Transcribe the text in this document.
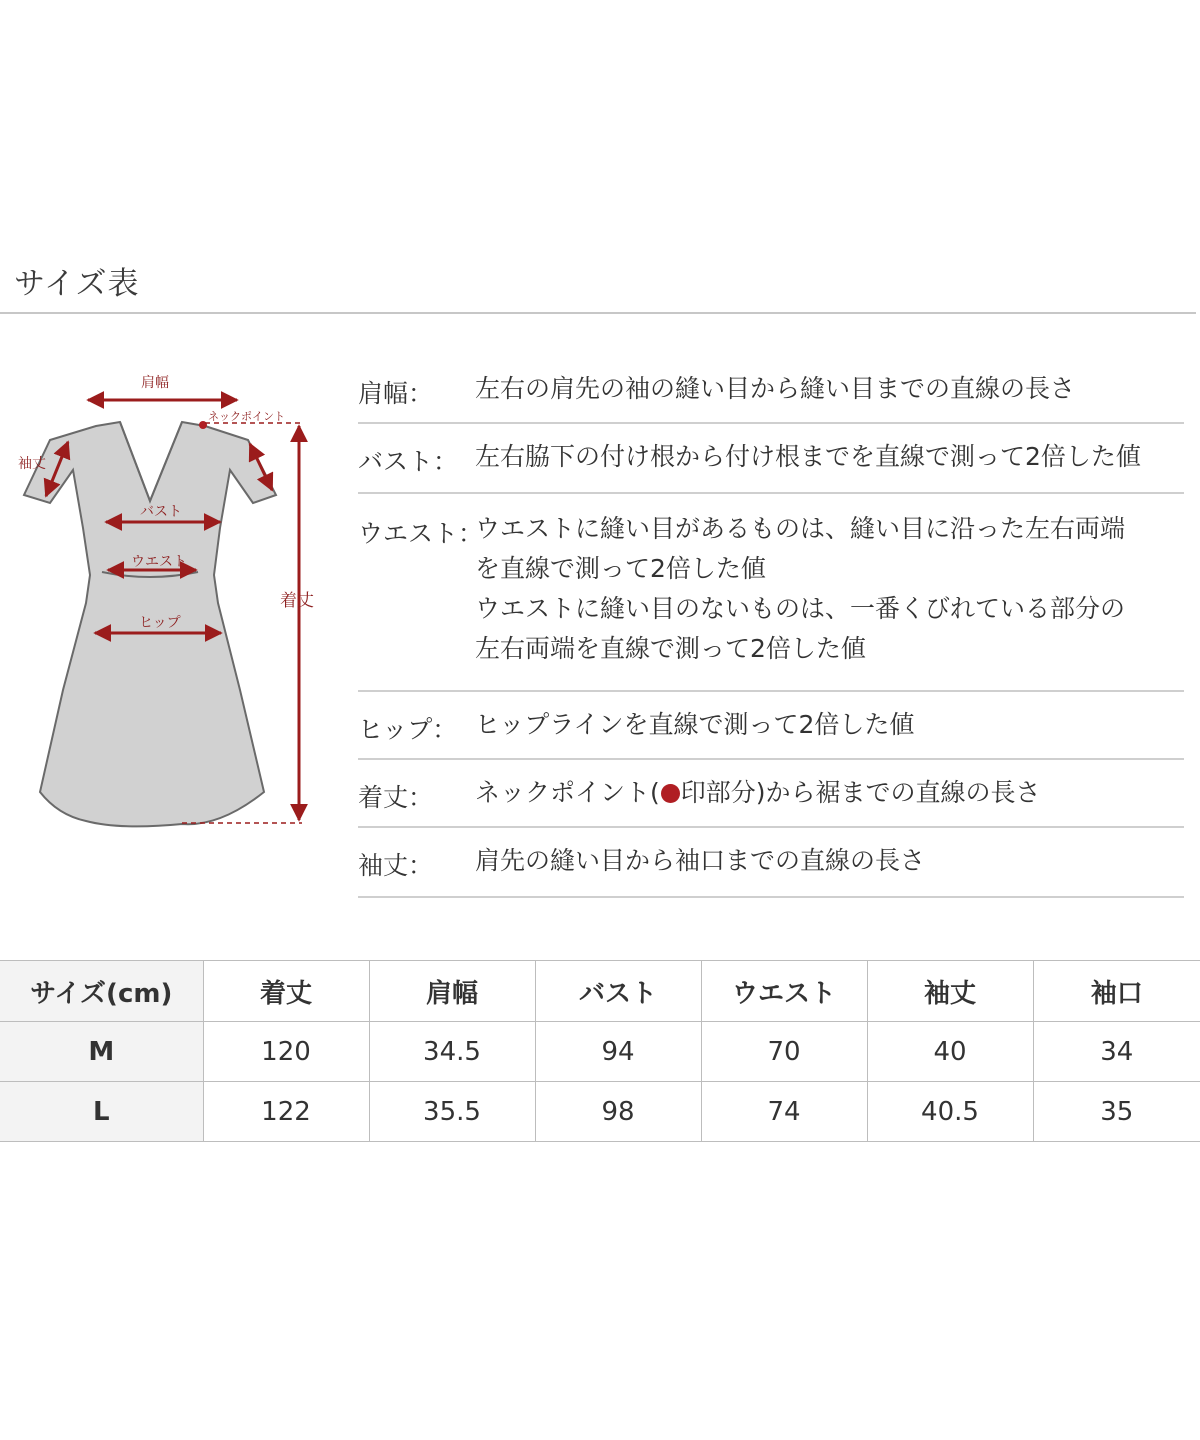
サイズ表
肩幅
ネックポイント
袖丈
バスト
ウエスト
ヒップ
着丈
肩幅： 左右の肩先の袖の縫い目から縫い目までの直線の長さ
バスト： 左右脇下の付け根から付け根までを直線で測って2倍した値
ウエスト：
ウエストに縫い目があるものは、縫い目に沿った左右両端
を直線で測って2倍した値
ウエストに縫い目のないものは、一番くびれている部分の
左右両端を直線で測って2倍した値
ヒップ： ヒップラインを直線で測って2倍した値
着丈： ネックポイント( 印部分)から裾までの直線の長さ
袖丈： 肩先の縫い目から袖口までの直線の長さ
サイズ(cm)	着丈	肩幅	バスト	ウエスト	袖丈	袖口
M	120	34.5	94	70	40	34
L	122	35.5	98	74	40.5	35
